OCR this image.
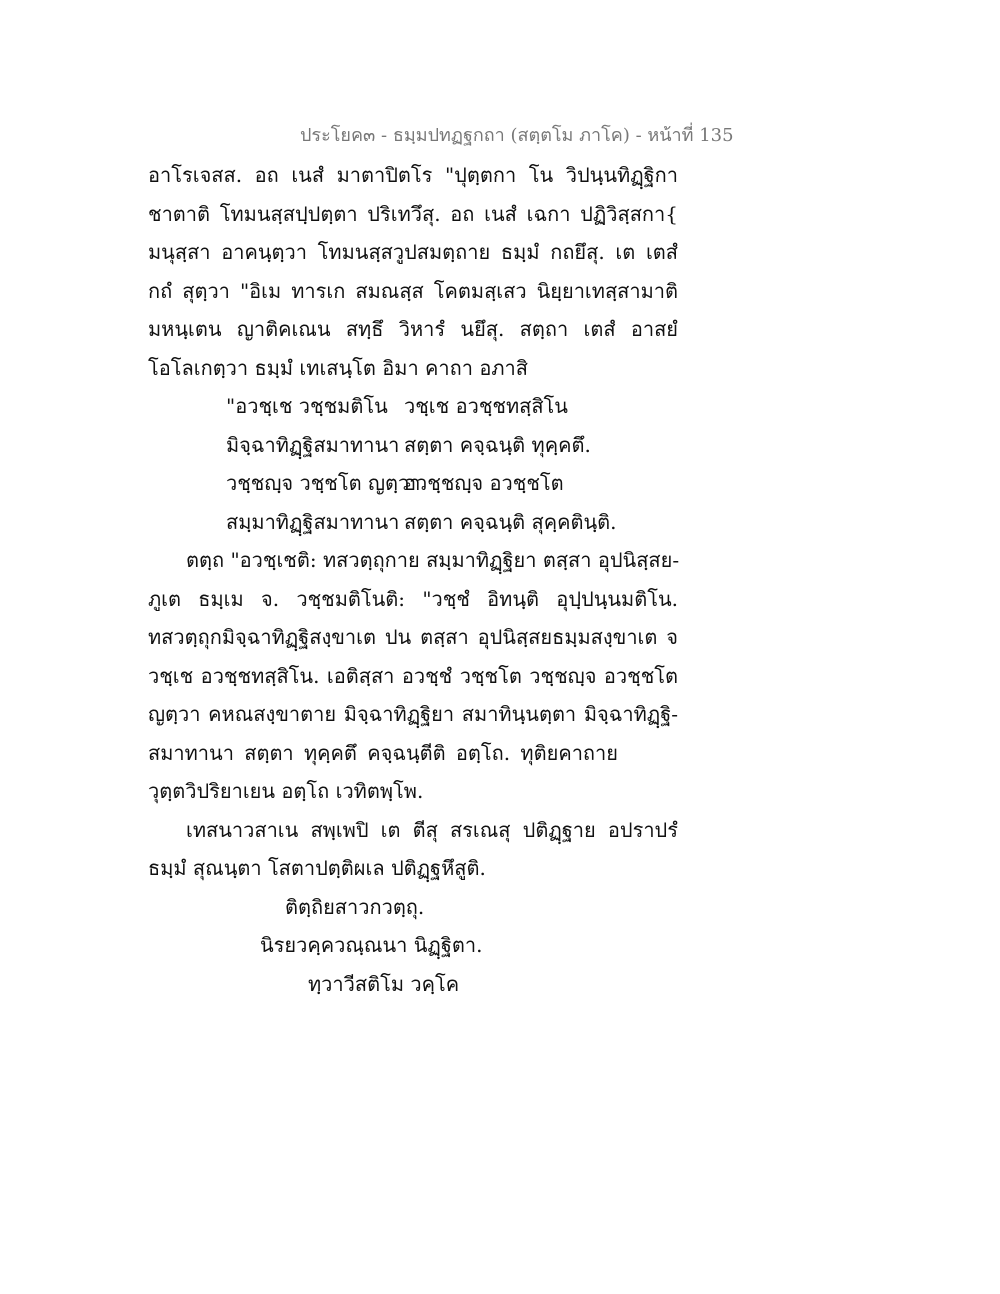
ประโยค๓ - ธมฺมปทฏฐกถา (สตฺตโม ภาโค) - หน้าที่ 135
อาโรเจสส. อถ เนสํ มาตาปิตโร "ปุตฺตกา โน วิปนฺนทิฏฺฐิกา
ชาตาติ โทมนสฺสปฺปตฺตา ปริเทวึสุ. อถ เนสํ เฉกา ปฏิวิสฺสกา{
มนุสฺสา อาคนฺตฺวา โทมนสฺสวูปสมตฺถาย ธมฺมํ กถยึสุ. เต เตสํ
กถํ สุตฺวา "อิเม ทารเก สมณสฺส โคตมสฺเสว นิยฺยาเทสฺสามาติ
มหนฺเตน ญาติคเณน สทฺธึ วิหารํ นยึสุ. สตฺถา เตสํ อาสยํ
โอโลเกตฺวา ธมฺมํ เทเสนฺโต อิมา คาถา อภาสิ
"อวชฺเช วชฺชมติโน วชฺเช อวชฺชทสฺสิโน
มิจฺฉาทิฏฺฐิสมาทานา สตฺตา คจฺฉนฺติ ทุคฺคตึ.
วชฺชญฺจ วชฺชโต ญตฺวา
อวชฺชญฺจ อวชฺชโต
สมฺมาทิฏฺฐิสมาทานา สตฺตา คจฺฉนฺติ สุคฺคตินฺติ.
ตตฺถ "อวชฺเชติ: ทสวตฺถุกาย สมฺมาทิฏฺฐิยา ตสฺสา อุปนิสฺสย-
ภูเต ธมฺเม จ. วชฺชมติโนติ: "วชฺชํ อิทนฺติ อุปฺปนฺนมติโน.
ทสวตฺถุกมิจฺฉาทิฏฺฐิสงฺขาเต ปน ตสฺสา อุปนิสฺสยธมฺมสงฺขาเต จ
วชฺเช อวชฺชทสฺสิโน. เอติสฺสา อวชฺชํ วชฺชโต วชฺชญฺจ อวชฺชโต
ญตฺวา คหณสงฺขาตาย มิจฺฉาทิฏฺฐิยา สมาทินฺนตฺตา มิจฺฉาทิฏฺฐิ-
สมาทานา สตฺตา ทุคฺคตึ คจฺฉนฺตีติ อตฺโถ. ทุติยคาถาย
วุตฺตวิปริยาเยน อตฺโถ เวทิตพฺโพ.
เทสนาวสาเน สพฺเพปิ เต ตีสุ สรเณสุ ปติฏฺฐาย อปราปรํ
ธมฺมํ สุณนฺตา โสตาปตฺติผเล ปติฏฺฐหึสูติ.
ติตฺถิยสาวกวตฺถุ.
นิรยวคฺควณฺณนา นิฏฺฐิตา.
ทฺวาวีสติโม วคฺโค
